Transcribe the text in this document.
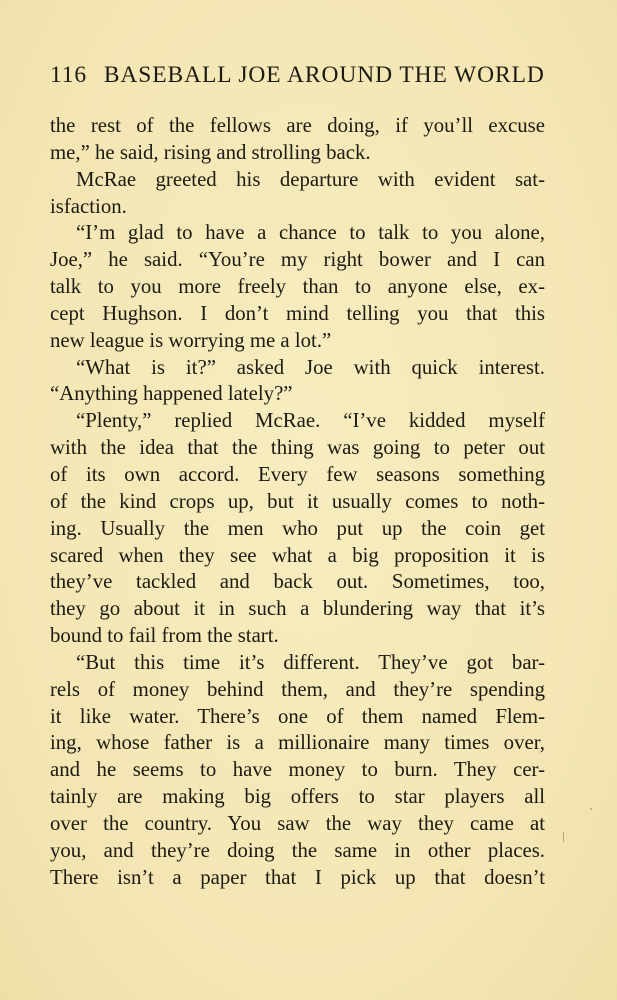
116 BASEBALL JOE AROUND THE WORLD
the rest of the fellows are doing, if you’ll excuse
me,” he said, rising and strolling back.
McRae greeted his departure with evident sat-
isfaction.
“I’m glad to have a chance to talk to you alone,
Joe,” he said. “You’re my right bower and I can
talk to you more freely than to anyone else, ex-
cept Hughson. I don’t mind telling you that this
new league is worrying me a lot.”
“What is it?” asked Joe with quick interest.
“Anything happened lately?”
“Plenty,” replied McRae. “I’ve kidded myself
with the idea that the thing was going to peter out
of its own accord. Every few seasons something
of the kind crops up, but it usually comes to noth-
ing. Usually the men who put up the coin get
scared when they see what a big proposition it is
they’ve tackled and back out. Sometimes, too,
they go about it in such a blundering way that it’s
bound to fail from the start.
“But this time it’s different. They’ve got bar-
rels of money behind them, and they’re spending
it like water. There’s one of them named Flem-
ing, whose father is a millionaire many times over,
and he seems to have money to burn. They cer-
tainly are making big offers to star players all
over the country. You saw the way they came at
you, and they’re doing the same in other places.
There isn’t a paper that I pick up that doesn’t
